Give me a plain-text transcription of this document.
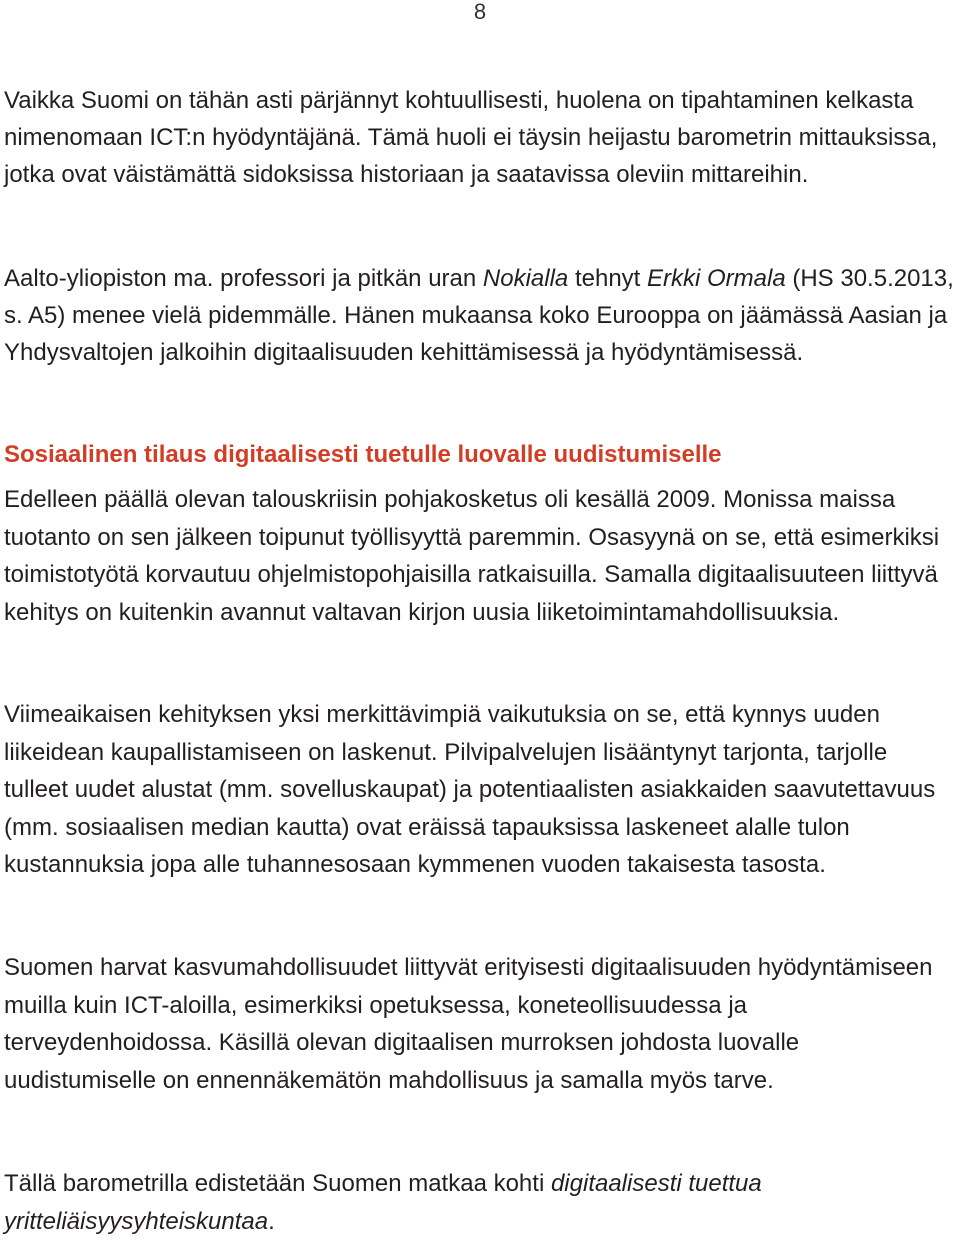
8

Vaikka Suomi on tähän asti pärjännyt kohtuullisesti, huolena on tipahtaminen kelkasta nimenomaan ICT:n hyödyntäjänä. Tämä huoli ei täysin heijastu barometrin mittauksissa, jotka ovat väistämättä sidoksissa historiaan ja saatavissa oleviin mittareihin.

Aalto-yliopiston ma. professori ja pitkän uran Nokialla tehnyt Erkki Ormala (HS 30.5.2013, s. A5) menee vielä pidemmälle. Hänen mukaansa koko Eurooppa on jäämässä Aasian ja Yhdysvaltojen jalkoihin digitaalisuuden kehittämisessä ja hyödyntämisessä.

Sosiaalinen tilaus digitaalisesti tuetulle luovalle uudistumiselle

Edelleen päällä olevan talouskriisin pohjakosketus oli kesällä 2009. Monissa maissa tuotanto on sen jälkeen toipunut työllisyyttä paremmin. Osasyynä on se, että esimerkiksi toimistotyötä korvautuu ohjelmistopohjaisilla ratkaisuilla. Samalla digitaalisuuteen liittyvä kehitys on kuitenkin avannut valtavan kirjon uusia liiketoimintamahdollisuuksia.

Viimeaikaisen kehityksen yksi merkittävimpiä vaikutuksia on se, että kynnys uuden liikeidean kaupallistamiseen on laskenut. Pilvipalvelujen lisääntynyt tarjonta, tarjolle tulleet uudet alustat (mm. sovelluskaupat) ja potentiaalisten asiakkaiden saavutettavuus (mm. sosiaalisen median kautta) ovat eräissä tapauksissa laskeneet alalle tulon kustannuksia jopa alle tuhannesosaan kymmenen vuoden takaisesta tasosta.

Suomen harvat kasvumahdollisuudet liittyvät erityisesti digitaalisuuden hyödyntämiseen muilla kuin ICT-aloilla, esimerkiksi opetuksessa, koneteollisuudessa ja terveydenhoidossa. Käsillä olevan digitaalisen murroksen johdosta luovalle uudistumiselle on ennennäkemätön mahdollisuus ja samalla myös tarve.

Tällä barometrilla edistetään Suomen matkaa kohti digitaalisesti tuettua yritteliäisyysyhteiskuntaa.
